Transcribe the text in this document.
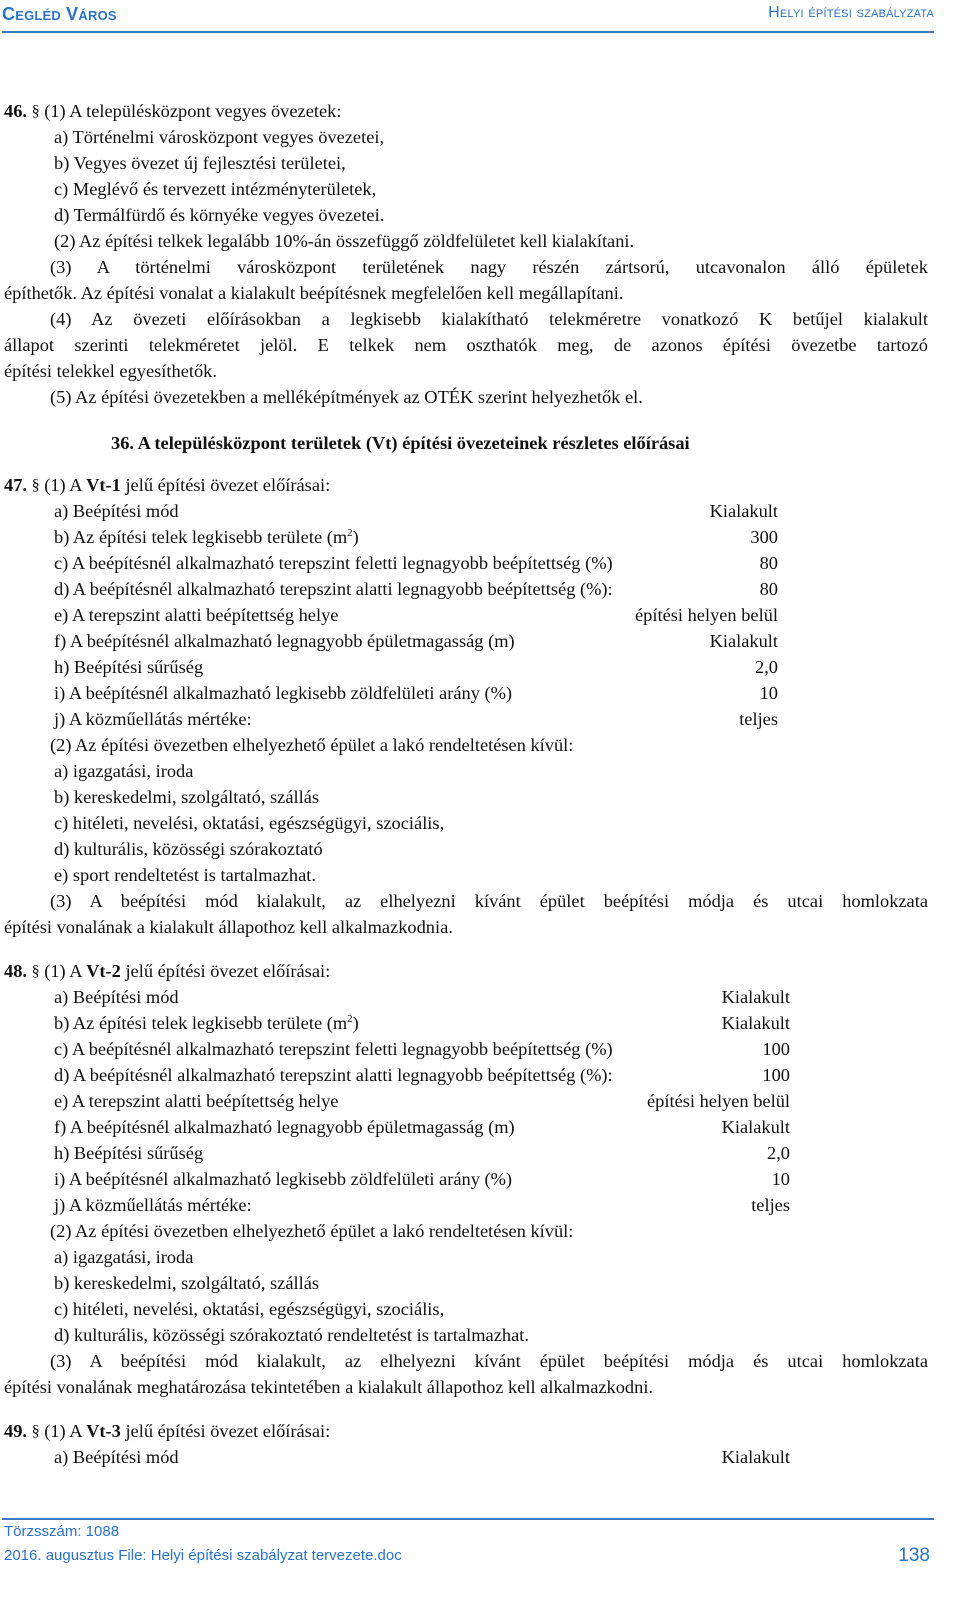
Cegléd Város	Helyi építési szabályzata
46. § (1) A településközpont vegyes övezetek:
a) Történelmi városközpont vegyes övezetei,
b) Vegyes övezet új fejlesztési területei,
c) Meglévő és tervezett intézményterületek,
d) Termálfürdő és környéke vegyes övezetei.
(2) Az építési telkek legalább 10%-án összefüggő zöldfelületet kell kialakítani.
(3) A történelmi városközpont területének nagy részén zártsorú, utcavonalon álló épületek
építhetők. Az építési vonalat a kialakult beépítésnek megfelelően kell megállapítani.
(4) Az övezeti előírásokban a legkisebb kialakítható telekméretre vonatkozó K betűjel kialakult
állapot szerinti telekméretet jelöl. E telkek nem oszthatók meg, de azonos építési övezetbe tartozó
építési telekkel egyesíthetők.
(5) Az építési övezetekben a melléképítmények az OTÉK szerint helyezhetők el.
36. A településközpont területek (Vt) építési övezeteinek részletes előírásai
47. § (1) A Vt-1 jelű építési övezet előírásai:
a) Beépítési mód	Kialakult
b) Az építési telek legkisebb területe $(m^2)$	300
c) A beépítésnél alkalmazható terepszint feletti legnagyobb beépítettség (%)	80
d) A beépítésnél alkalmazható terepszint alatti legnagyobb beépítettség (%):	80
e) A terepszint alatti beépítettség helye	építési helyen belül
f) A beépítésnél alkalmazható legnagyobb épületmagasság (m)	Kialakult
h) Beépítési sűrűség	2,0
i) A beépítésnél alkalmazható legkisebb zöldfelületi arány (%)	10
j) A közműellátás mértéke:	teljes
(2) Az építési övezetben elhelyezhető épület a lakó rendeltetésen kívül:
a) igazgatási, iroda
b) kereskedelmi, szolgáltató, szállás
c) hitéleti, nevelési, oktatási, egészségügyi, szociális,
d) kulturális, közösségi szórakoztató
e) sport rendeltetést is tartalmazhat.
(3) A beépítési mód kialakult, az elhelyezni kívánt épület beépítési módja és utcai homlokzata
építési vonalának a kialakult állapothoz kell alkalmazkodnia.
48. § (1) A Vt-2 jelű építési övezet előírásai:
a) Beépítési mód	Kialakult
b) Az építési telek legkisebb területe $(m^2)$	Kialakult
c) A beépítésnél alkalmazható terepszint feletti legnagyobb beépítettség (%)	100
d) A beépítésnél alkalmazható terepszint alatti legnagyobb beépítettség (%):	100
e) A terepszint alatti beépítettség helye	építési helyen belül
f) A beépítésnél alkalmazható legnagyobb épületmagasság (m)	Kialakult
h) Beépítési sűrűség	2,0
i) A beépítésnél alkalmazható legkisebb zöldfelületi arány (%)	10
j) A közműellátás mértéke:	teljes
(2) Az építési övezetben elhelyezhető épület a lakó rendeltetésen kívül:
a) igazgatási, iroda
b) kereskedelmi, szolgáltató, szállás
c) hitéleti, nevelési, oktatási, egészségügyi, szociális,
d) kulturális, közösségi szórakoztató rendeltetést is tartalmazhat.
(3) A beépítési mód kialakult, az elhelyezni kívánt épület beépítési módja és utcai homlokzata
építési vonalának meghatározása tekintetében a kialakult állapothoz kell alkalmazkodni.
49. § (1) A Vt-3 jelű építési övezet előírásai:
a) Beépítési mód	Kialakult
Törzsszám: 1088
2016. augusztus File: Helyi építési szabályzat tervezete.doc	138
